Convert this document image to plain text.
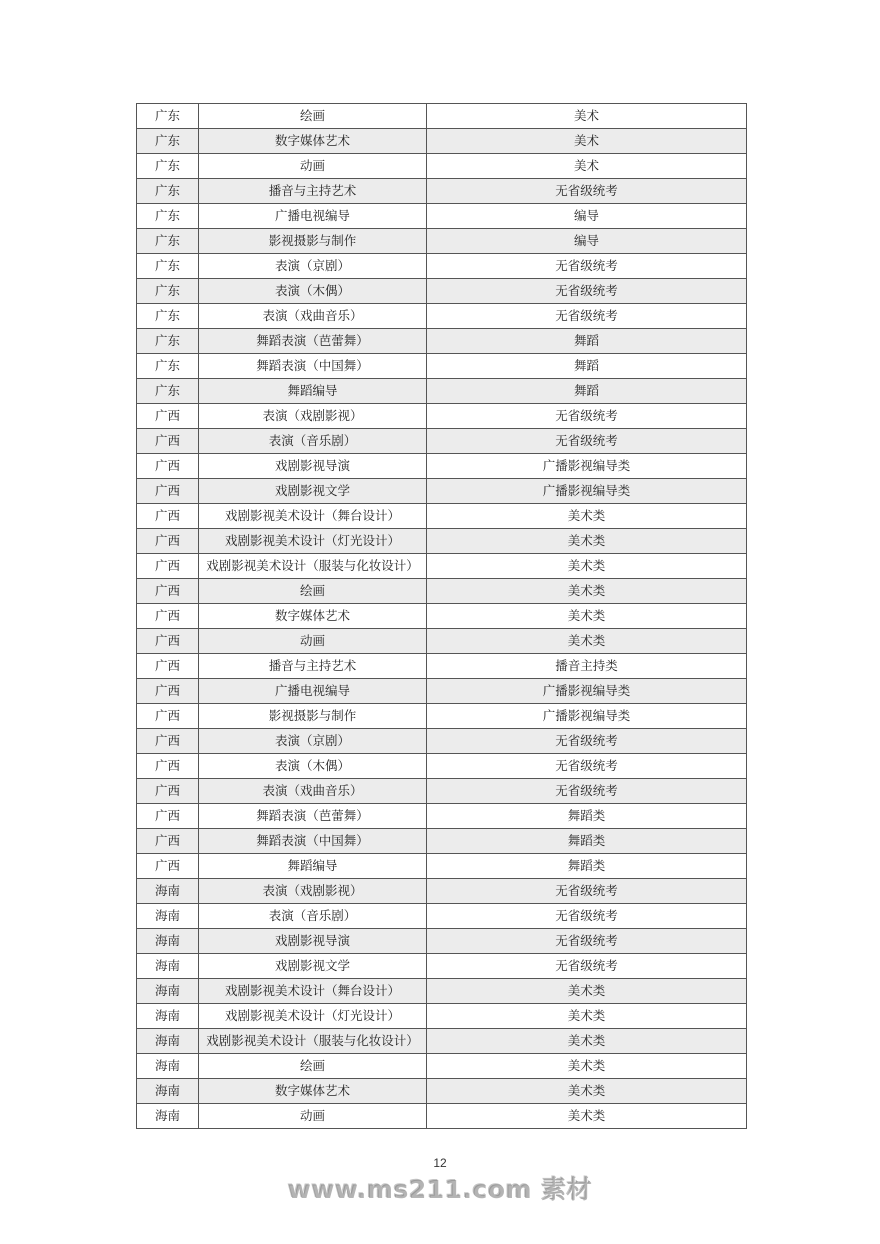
广东	绘画	美术
广东	数字媒体艺术	美术
广东	动画	美术
广东	播音与主持艺术	无省级统考
广东	广播电视编导	编导
广东	影视摄影与制作	编导
广东	表演（京剧）	无省级统考
广东	表演（木偶）	无省级统考
广东	表演（戏曲音乐）	无省级统考
广东	舞蹈表演（芭蕾舞）	舞蹈
广东	舞蹈表演（中国舞）	舞蹈
广东	舞蹈编导	舞蹈
广西	表演（戏剧影视）	无省级统考
广西	表演（音乐剧）	无省级统考
广西	戏剧影视导演	广播影视编导类
广西	戏剧影视文学	广播影视编导类
广西	戏剧影视美术设计（舞台设计）	美术类
广西	戏剧影视美术设计（灯光设计）	美术类
广西	戏剧影视美术设计（服装与化妆设计）	美术类
广西	绘画	美术类
广西	数字媒体艺术	美术类
广西	动画	美术类
广西	播音与主持艺术	播音主持类
广西	广播电视编导	广播影视编导类
广西	影视摄影与制作	广播影视编导类
广西	表演（京剧）	无省级统考
广西	表演（木偶）	无省级统考
广西	表演（戏曲音乐）	无省级统考
广西	舞蹈表演（芭蕾舞）	舞蹈类
广西	舞蹈表演（中国舞）	舞蹈类
广西	舞蹈编导	舞蹈类
海南	表演（戏剧影视）	无省级统考
海南	表演（音乐剧）	无省级统考
海南	戏剧影视导演	无省级统考
海南	戏剧影视文学	无省级统考
海南	戏剧影视美术设计（舞台设计）	美术类
海南	戏剧影视美术设计（灯光设计）	美术类
海南	戏剧影视美术设计（服装与化妆设计）	美术类
海南	绘画	美术类
海南	数字媒体艺术	美术类
海南	动画	美术类
12
www.ms211.com 素材
